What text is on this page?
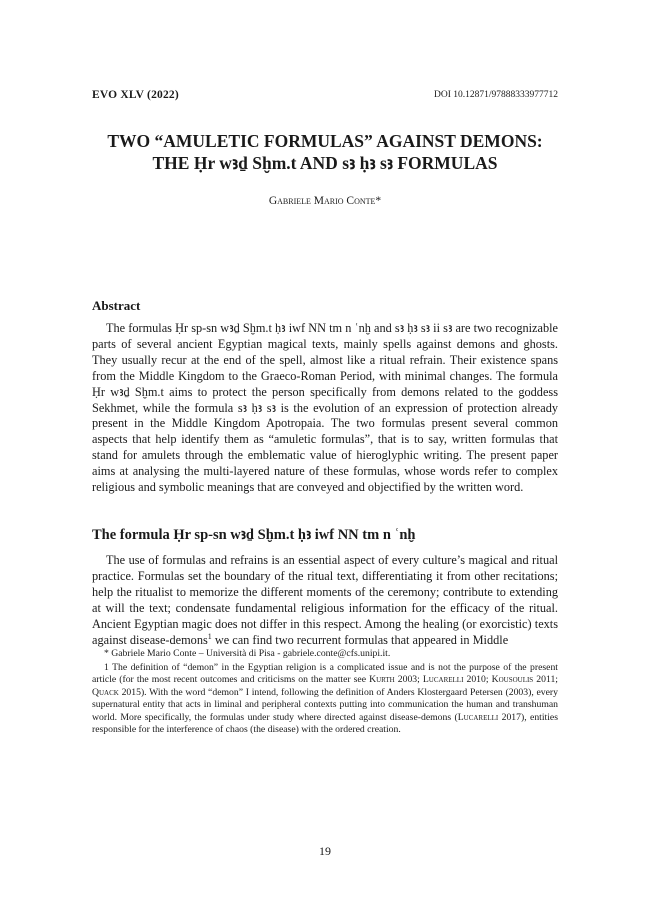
EVO XLV (2022)	DOI 10.12871/97888333977712
TWO “AMULETIC FORMULAS” AGAINST DEMONS:
THE Ḥr wꜣḏ Sḫm.t AND sꜣ ḥꜣ sꜣ FORMULAS
Gabriele Mario Conte*
Abstract

The formulas Ḥr sp-sn wꜣḏ Sḫm.t ḥꜣ iwf NN tm n ʿnḫ and sꜣ ḥꜣ sꜣ ii sꜣ are two recognizable parts of several ancient Egyptian magical texts, mainly spells against demons and ghosts. They usually recur at the end of the spell, almost like a ritual refrain. Their existence spans from the Middle Kingdom to the Graeco-Roman Period, with minimal changes. The formula Ḥr wꜣḏ Sḫm.t aims to protect the person specifically from demons related to the goddess Sekhmet, while the formula sꜣ ḥꜣ sꜣ is the evolution of an expression of protection already present in the Middle Kingdom Apotropaia. The two formulas present several common aspects that help identify them as “amuletic formulas”, that is to say, written formulas that stand for amulets through the emblematic value of hieroglyphic writing. The present paper aims at analysing the multi-layered nature of these formulas, whose words refer to complex religious and symbolic meanings that are conveyed and objectified by the written word.

The formula Ḥr sp-sn wꜣḏ Sḫm.t ḥꜣ iwf NN tm n ʿnḫ

The use of formulas and refrains is an essential aspect of every culture’s magical and ritual practice. Formulas set the boundary of the ritual text, differentiating it from other recitations; help the ritualist to memorize the different moments of the ceremony; contribute to extending at will the text; condensate fundamental religious information for the efficacy of the ritual. Ancient Egyptian magic does not differ in this respect. Among the healing (or exorcistic) texts against disease-demons$^1$ we can find two recurrent formulas that appeared in Middle

* Gabriele Mario Conte – Università di Pisa - gabriele.conte@cfs.unipi.it.

1 The definition of “demon” in the Egyptian religion is a complicated issue and is not the purpose of the present article (for the most recent outcomes and criticisms on the matter see Kurth 2003; Lucarelli 2010; Kousoulis 2011; Quack 2015). With the word “demon” I intend, following the definition of Anders Klostergaard Petersen (2003), every supernatural entity that acts in liminal and peripheral contexts putting into communication the human and transhuman world. More specifically, the formulas under study where directed against disease-demons (Lucarelli 2017), entities responsible for the interference of chaos (the disease) with the ordered creation.

19
